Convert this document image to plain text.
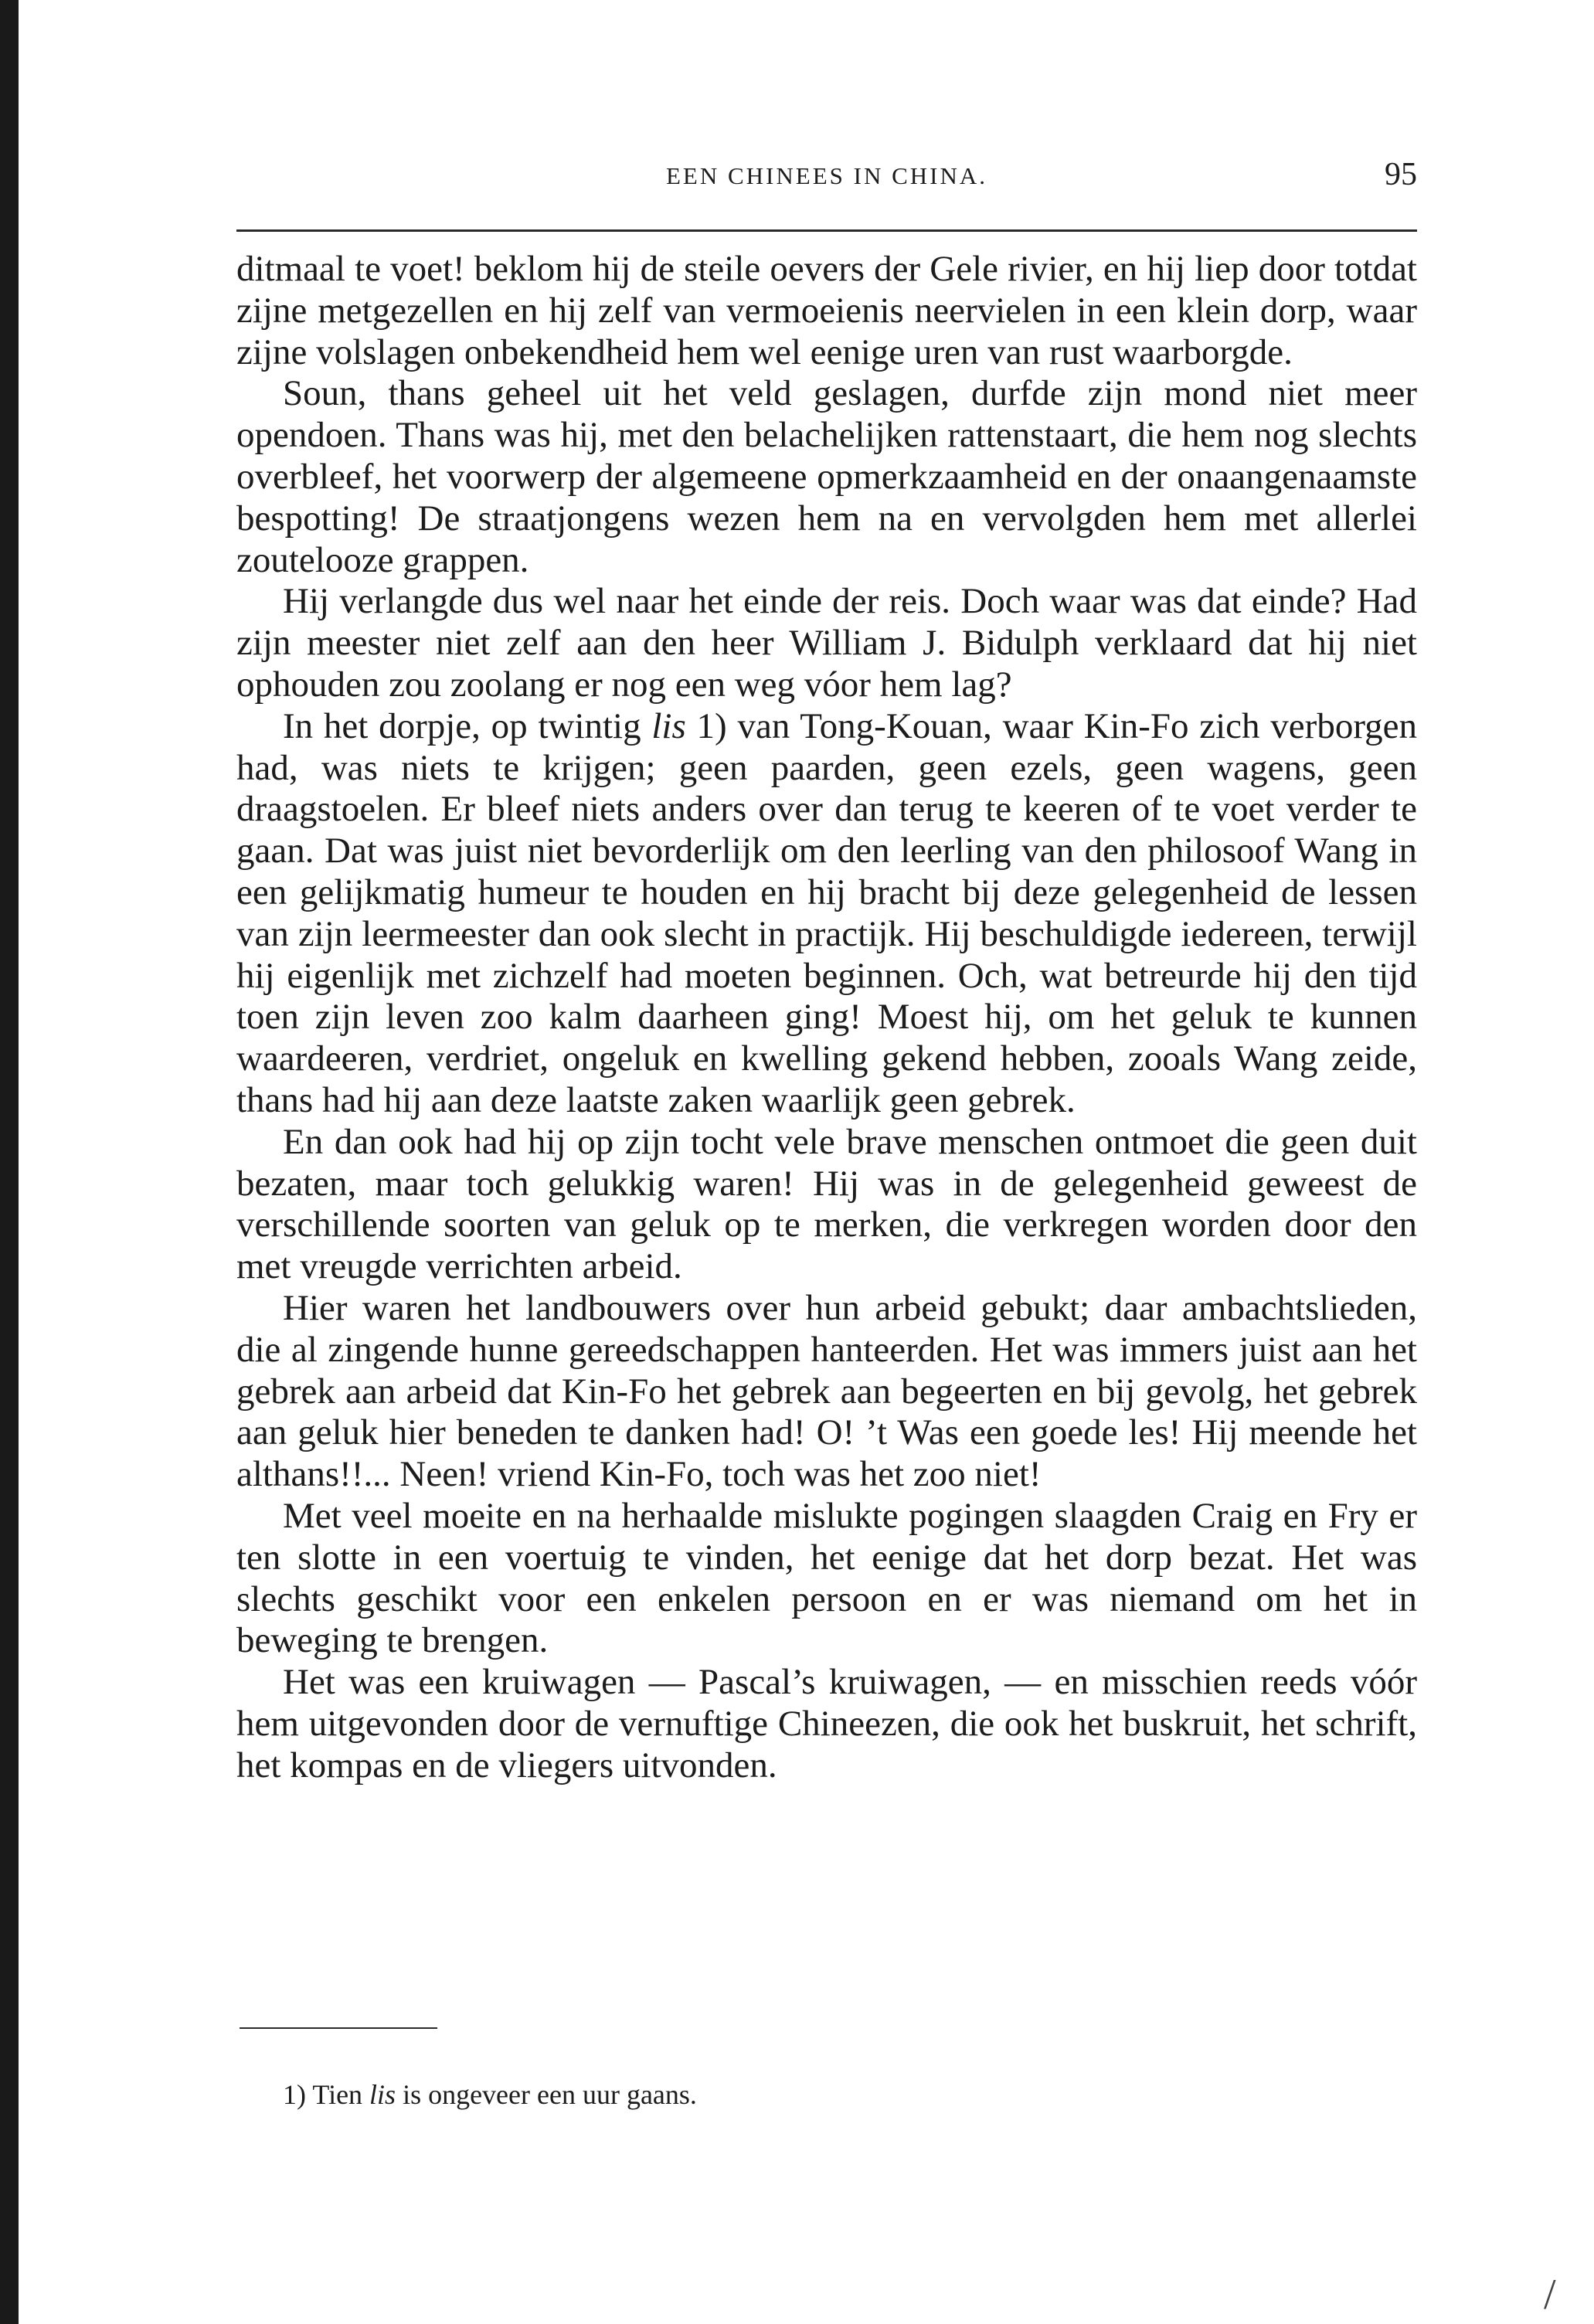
EEN CHINEES IN CHINA.	95

ditmaal te voet! beklom hij de steile oevers der Gele rivier, en hij liep door totdat zijne metgezellen en hij zelf van vermoeienis neervielen in een klein dorp, waar zijne volslagen onbekendheid hem wel eenige uren van rust waarborgde.

Soun, thans geheel uit het veld geslagen, durfde zijn mond niet meer opendoen. Thans was hij, met den belachelijken rattenstaart, die hem nog slechts overbleef, het voorwerp der algemeene opmerkzaamheid en der onaangenaamste bespotting! De straatjongens wezen hem na en vervolgden hem met allerlei zoutelooze grappen.

Hij verlangde dus wel naar het einde der reis. Doch waar was dat einde? Had zijn meester niet zelf aan den heer William J. Bidulph verklaard dat hij niet ophouden zou zoolang er nog een weg vóor hem lag?

In het dorpje, op twintig lis 1) van Tong-Kouan, waar Kin-Fo zich verborgen had, was niets te krijgen; geen paarden, geen ezels, geen wagens, geen draagstoelen. Er bleef niets anders over dan terug te keeren of te voet verder te gaan. Dat was juist niet bevorderlijk om den leerling van den philosoof Wang in een gelijkmatig humeur te houden en hij bracht bij deze gelegenheid de lessen van zijn leermeester dan ook slecht in practijk. Hij beschuldigde iedereen, terwijl hij eigenlijk met zichzelf had moeten beginnen. Och, wat betreurde hij den tijd toen zijn leven zoo kalm daarheen ging! Moest hij, om het geluk te kunnen waardeeren, verdriet, ongeluk en kwelling gekend hebben, zooals Wang zeide, thans had hij aan deze laatste zaken waarlijk geen gebrek.

En dan ook had hij op zijn tocht vele brave menschen ontmoet die geen duit bezaten, maar toch gelukkig waren! Hij was in de gelegenheid geweest de verschillende soorten van geluk op te merken, die verkregen worden door den met vreugde verrichten arbeid.

Hier waren het landbouwers over hun arbeid gebukt; daar ambachtslieden, die al zingende hunne gereedschappen hanteerden. Het was immers juist aan het gebrek aan arbeid dat Kin-Fo het gebrek aan begeerten en bij gevolg, het gebrek aan geluk hier beneden te danken had! O! ’t Was een goede les! Hij meende het althans!!... Neen! vriend Kin-Fo, toch was het zoo niet!

Met veel moeite en na herhaalde mislukte pogingen slaagden Craig en Fry er ten slotte in een voertuig te vinden, het eenige dat het dorp bezat. Het was slechts geschikt voor een enkelen persoon en er was niemand om het in beweging te brengen.

Het was een kruiwagen — Pascal’s kruiwagen, — en misschien reeds vóór hem uitgevonden door de vernuftige Chineezen, die ook het buskruit, het schrift, het kompas en de vliegers uitvonden.

1) Tien lis is ongeveer een uur gaans.
/
